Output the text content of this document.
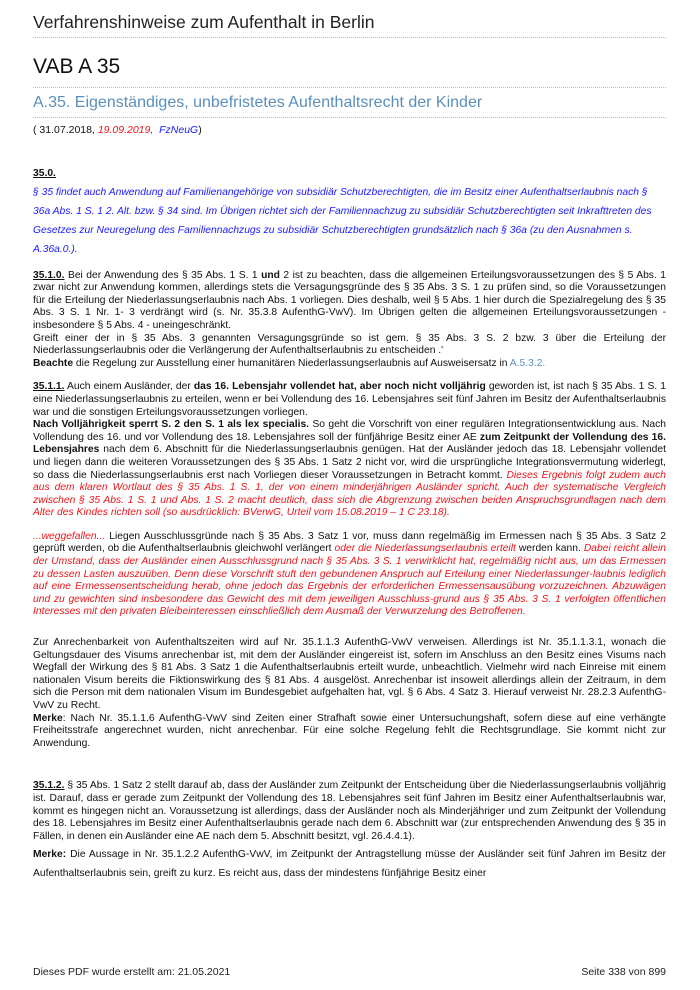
Verfahrenshinweise zum Aufenthalt in Berlin
VAB A 35
A.35. Eigenständiges, unbefristetes Aufenthaltsrecht der Kinder
( 31.07.2018, 19.09.2019, FzNeuG)
35.0.

§ 35 findet auch Anwendung auf Familienangehörige von subsidiär Schutzberechtigten, die im Besitz einer Aufenthaltserlaubnis nach § 36a Abs. 1 S. 1 2. Alt. bzw. § 34 sind. Im Übrigen richtet sich der Familiennachzug zu subsidiär Schutzberechtigten seit Inkrafttreten des Gesetzes zur Neuregelung des Familiennachzugs zu subsidiär Schutzberechtigten grundsätzlich nach § 36a (zu den Ausnahmen s. A.36a.0.).

35.1.0. Bei der Anwendung des § 35 Abs. 1 S. 1 und 2 ist zu beachten, dass die allgemeinen Erteilungsvoraussetzungen des § 5 Abs. 1 zwar nicht zur Anwendung kommen, allerdings stets die Versagungsgründe des § 35 Abs. 3 S. 1 zu prüfen sind, so die Voraussetzungen für die Erteilung der Niederlassungserlaubnis nach Abs. 1 vorliegen. Dies deshalb, weil § 5 Abs. 1 hier durch die Spezialregelung des § 35 Abs. 3 S. 1 Nr. 1- 3 verdrängt wird (s. Nr. 35.3.8 AufenthG-VwV). Im Übrigen gelten die allgemeinen Erteilungsvoraussetzungen - insbesondere § 5 Abs. 4 - uneingeschränkt.

Greift einer der in § 35 Abs. 3 genannten Versagungsgründe so ist gem. § 35 Abs. 3 S. 2 bzw. 3 über die Erteilung der Niederlassungserlaubnis oder die Verlängerung der Aufenthaltserlaubnis zu entscheiden .'

Beachte die Regelung zur Ausstellung einer humanitären Niederlassungserlaubnis auf Ausweisersatz in A.5.3.2.

35.1.1. Auch einem Ausländer, der das 16. Lebensjahr vollendet hat, aber noch nicht volljährig geworden ist, ist nach § 35 Abs. 1 S. 1 eine Niederlassungserlaubnis zu erteilen, wenn er bei Vollendung des 16. Lebensjahres seit fünf Jahren im Besitz der Aufenthaltserlaubnis war und die sonstigen Erteilungsvoraussetzungen vorliegen.
Nach Volljährigkeit sperrt S. 2 den S. 1 als lex specialis. So geht die Vorschrift von einer regulären Integrationsentwicklung aus. Nach Vollendung des 16. und vor Vollendung des 18. Lebensjahres soll der fünfjährige Besitz einer AE zum Zeitpunkt der Vollendung des 16. Lebensjahres nach dem 6. Abschnitt für die Niederlassungserlaubnis genügen. Hat der Ausländer jedoch das 18. Lebensjahr vollendet und liegen dann die weiteren Voraussetzungen des § 35 Abs. 1 Satz 2 nicht vor, wird die ursprüngliche Integrationsvermutung widerlegt, so dass die Niederlassungserlaubnis erst nach Vorliegen dieser Voraussetzungen in Betracht kommt. Dieses Ergebnis folgt zudem auch aus dem klaren Wortlaut des § 35 Abs. 1 S. 1, der von einem minderjährigen Ausländer spricht. Auch der systematische Vergleich zwischen § 35 Abs. 1 S. 1 und Abs. 1 S. 2 macht deutlich, dass sich die Abgrenzung zwischen beiden Anspruchsgrundlagen nach dem Alter des Kindes richten soll (so ausdrücklich: BVerwG, Urteil vom 15.08.2019 – 1 C 23.18).

...weggefallen... Liegen Ausschlussgründe nach § 35 Abs. 3 Satz 1 vor, muss dann regelmäßig im Ermessen nach § 35 Abs. 3 Satz 2 geprüft werden, ob die Aufenthaltserlaubnis gleichwohl verlängert oder die Niederlassungserlaubnis erteilt werden kann. Dabei reicht allein der Umstand, dass der Ausländer einen Ausschlussgrund nach § 35 Abs. 3 S. 1 verwirklicht hat, regelmäßig nicht aus, um das Ermessen zu dessen Lasten auszuüben. Denn diese Vorschrift stuft den gebundenen Anspruch auf Erteilung einer Niederlassunger-laubnis lediglich auf eine Ermessensentscheidung herab, ohne jedoch das Ergebnis der erforderlichen Ermessensausübung vorzuzeichnen. Abzuwägen und zu gewichten sind insbesondere das Gewicht des mit dem jeweiligen Ausschluss-grund aus § 35 Abs. 3 S. 1 verfolgten öffentlichen Interesses mit den privaten Bleibeinteressen einschließlich dem Ausmaß der Verwurzelung des Betroffenen.

Zur Anrechenbarkeit von Aufenthaltszeiten wird auf Nr. 35.1.1.3 AufenthG-VwV verweisen. Allerdings ist Nr. 35.1.1.3.1, wonach die Geltungsdauer des Visums anrechenbar ist, mit dem der Ausländer eingereist ist, sofern im Anschluss an den Besitz eines Visums nach Wegfall der Wirkung des § 81 Abs. 3 Satz 1 die Aufenthaltserlaubnis erteilt wurde, unbeachtlich. Vielmehr wird nach Einreise mit einem nationalen Visum bereits die Fiktionswirkung des § 81 Abs. 4 ausgelöst. Anrechenbar ist insoweit allerdings allein der Zeitraum, in dem sich die Person mit dem nationalen Visum im Bundesgebiet aufgehalten hat, vgl. § 6 Abs. 4 Satz 3. Hierauf verweist Nr. 28.2.3 AufenthG-VwV zu Recht.
Merke: Nach Nr. 35.1.1.6 AufenthG-VwV sind Zeiten einer Strafhaft sowie einer Untersuchungshaft, sofern diese auf eine verhängte Freiheitsstrafe angerechnet wurden, nicht anrechenbar. Für eine solche Regelung fehlt die Rechtsgrundlage. Sie kommt nicht zur Anwendung.

35.1.2. § 35 Abs. 1 Satz 2 stellt darauf ab, dass der Ausländer zum Zeitpunkt der Entscheidung über die Niederlassungserlaubnis volljährig ist. Darauf, dass er gerade zum Zeitpunkt der Vollendung des 18. Lebensjahres seit fünf Jahren im Besitz einer Aufenthaltserlaubnis war, kommt es hingegen nicht an. Voraussetzung ist allerdings, dass der Ausländer noch als Minderjähriger und zum Zeitpunkt der Vollendung des 18. Lebensjahres im Besitz einer Aufenthaltserlaubnis gerade nach dem 6. Abschnitt war (zur entsprechenden Anwendung des § 35 in Fällen, in denen ein Ausländer eine AE nach dem 5. Abschnitt besitzt, vgl. 26.4.4.1).

Merke: Die Aussage in Nr. 35.1.2.2 AufenthG-VwV, im Zeitpunkt der Antragstellung müsse der Ausländer seit fünf Jahren im Besitz der Aufenthaltserlaubnis sein, greift zu kurz. Es reicht aus, dass der mindestens fünfjährige Besitz einer

Dieses PDF wurde erstellt am: 21.05.2021	Seite 338 von 899
